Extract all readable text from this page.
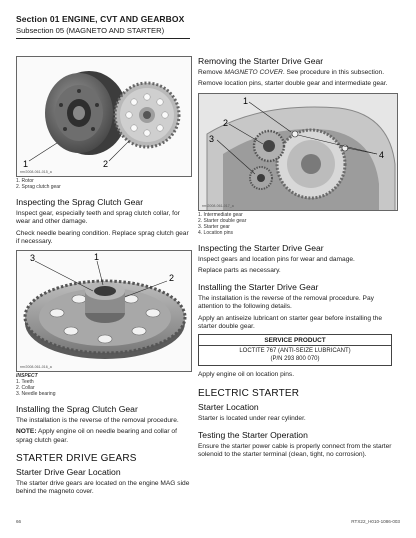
Section 01 ENGINE, CVT AND GEARBOX
Subsection 05 (MAGNETO AND STARTER)
1	2
rmr2008-061-015_a
1. Rotor
2. Sprag clutch gear
Inspecting the Sprag Clutch Gear

Inspect gear, especially teeth and sprag clutch collar, for wear and other damage.

Check needle bearing condition. Replace sprag clutch gear if necessary.

3	1
2
rmr2008-061-016_a
INSPECT
1. Teeth
2. Collar
3. Needle bearing
Installing the Sprag Clutch Gear

The installation is the reverse of the removal procedure.

NOTE: Apply engine oil on needle bearing and collar of sprag clutch gear.

STARTER DRIVE GEARS
Starter Drive Gear Location

The starter drive gears are located on the engine MAG side behind the magneto cover.

Removing the Starter Drive Gear

Remove MAGNETO COVER. See procedure in this subsection.

Remove location pins, starter double gear and intermediate gear.

1
2
3
4
rmr2008-061-017_a
1. Intermediate gear
2. Starter double gear
3. Starter gear
4. Location pins
Inspecting the Starter Drive Gear

Inspect gears and location pins for wear and damage.

Replace parts as necessary.

Installing the Starter Drive Gear

The installation is the reverse of the removal procedure. Pay attention to the following details.

Apply an antiseize lubricant on starter gear before installing the starter double gear.

SERVICE PRODUCT
LOCTITE 767 (ANTI-SEIZE LUBRICANT)
(P/N 293 800 070)

Apply engine oil on location pins.

ELECTRIC STARTER
Starter Location

Starter is located under rear cylinder.

Testing the Starter Operation

Ensure the starter power cable is properly connect from the starter solenoid to the starter terminal (clean, tight, no corrosion).

66	RTX22_H010-1086-003
